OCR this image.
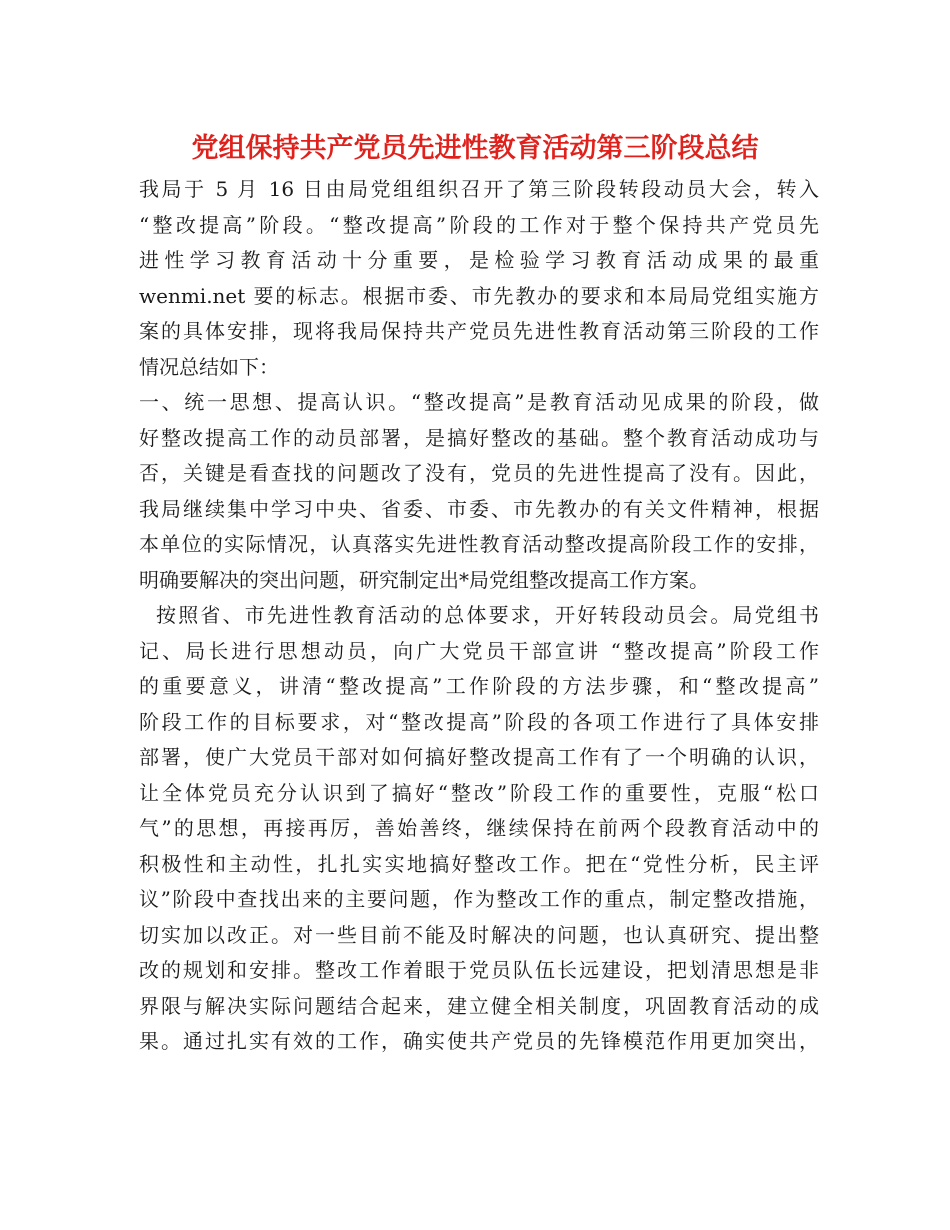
党组保持共产党员先进性教育活动第三阶段总结
我局于 5 月 16 日由局党组组织召开了第三阶段转段动员大会，转入
“整改提高”阶段。“整改提高”阶段的工作对于整个保持共产党员先
进性学习教育活动十分重要，是检验学习教育活动成果的最重
wenmi.net 要的标志。根据市委、市先教办的要求和本局局党组实施方
案的具体安排，现将我局保持共产党员先进性教育活动第三阶段的工作
情况总结如下：
一、统一思想、提高认识。“整改提高”是教育活动见成果的阶段，做
好整改提高工作的动员部署，是搞好整改的基础。整个教育活动成功与
否，关键是看查找的问题改了没有，党员的先进性提高了没有。因此，
我局继续集中学习中央、省委、市委、市先教办的有关文件精神，根据
本单位的实际情况，认真落实先进性教育活动整改提高阶段工作的安排，
明确要解决的突出问题，研究制定出*局党组整改提高工作方案。
按照省、市先进性教育活动的总体要求，开好转段动员会。局党组书
记、局长进行思想动员，向广大党员干部宣讲 “整改提高”阶段工作
的重要意义，讲清“整改提高”工作阶段的方法步骤，和“整改提高”
阶段工作的目标要求，对“整改提高”阶段的各项工作进行了具体安排
部署，使广大党员干部对如何搞好整改提高工作有了一个明确的认识，
让全体党员充分认识到了搞好“整改”阶段工作的重要性，克服“松口
气”的思想，再接再厉，善始善终，继续保持在前两个段教育活动中的
积极性和主动性，扎扎实实地搞好整改工作。把在“党性分析，民主评
议”阶段中查找出来的主要问题，作为整改工作的重点，制定整改措施，
切实加以改正。对一些目前不能及时解决的问题，也认真研究、提出整
改的规划和安排。整改工作着眼于党员队伍长远建设，把划清思想是非
界限与解决实际问题结合起来，建立健全相关制度，巩固教育活动的成
果。通过扎实有效的工作，确实使共产党员的先锋模范作用更加突出，
